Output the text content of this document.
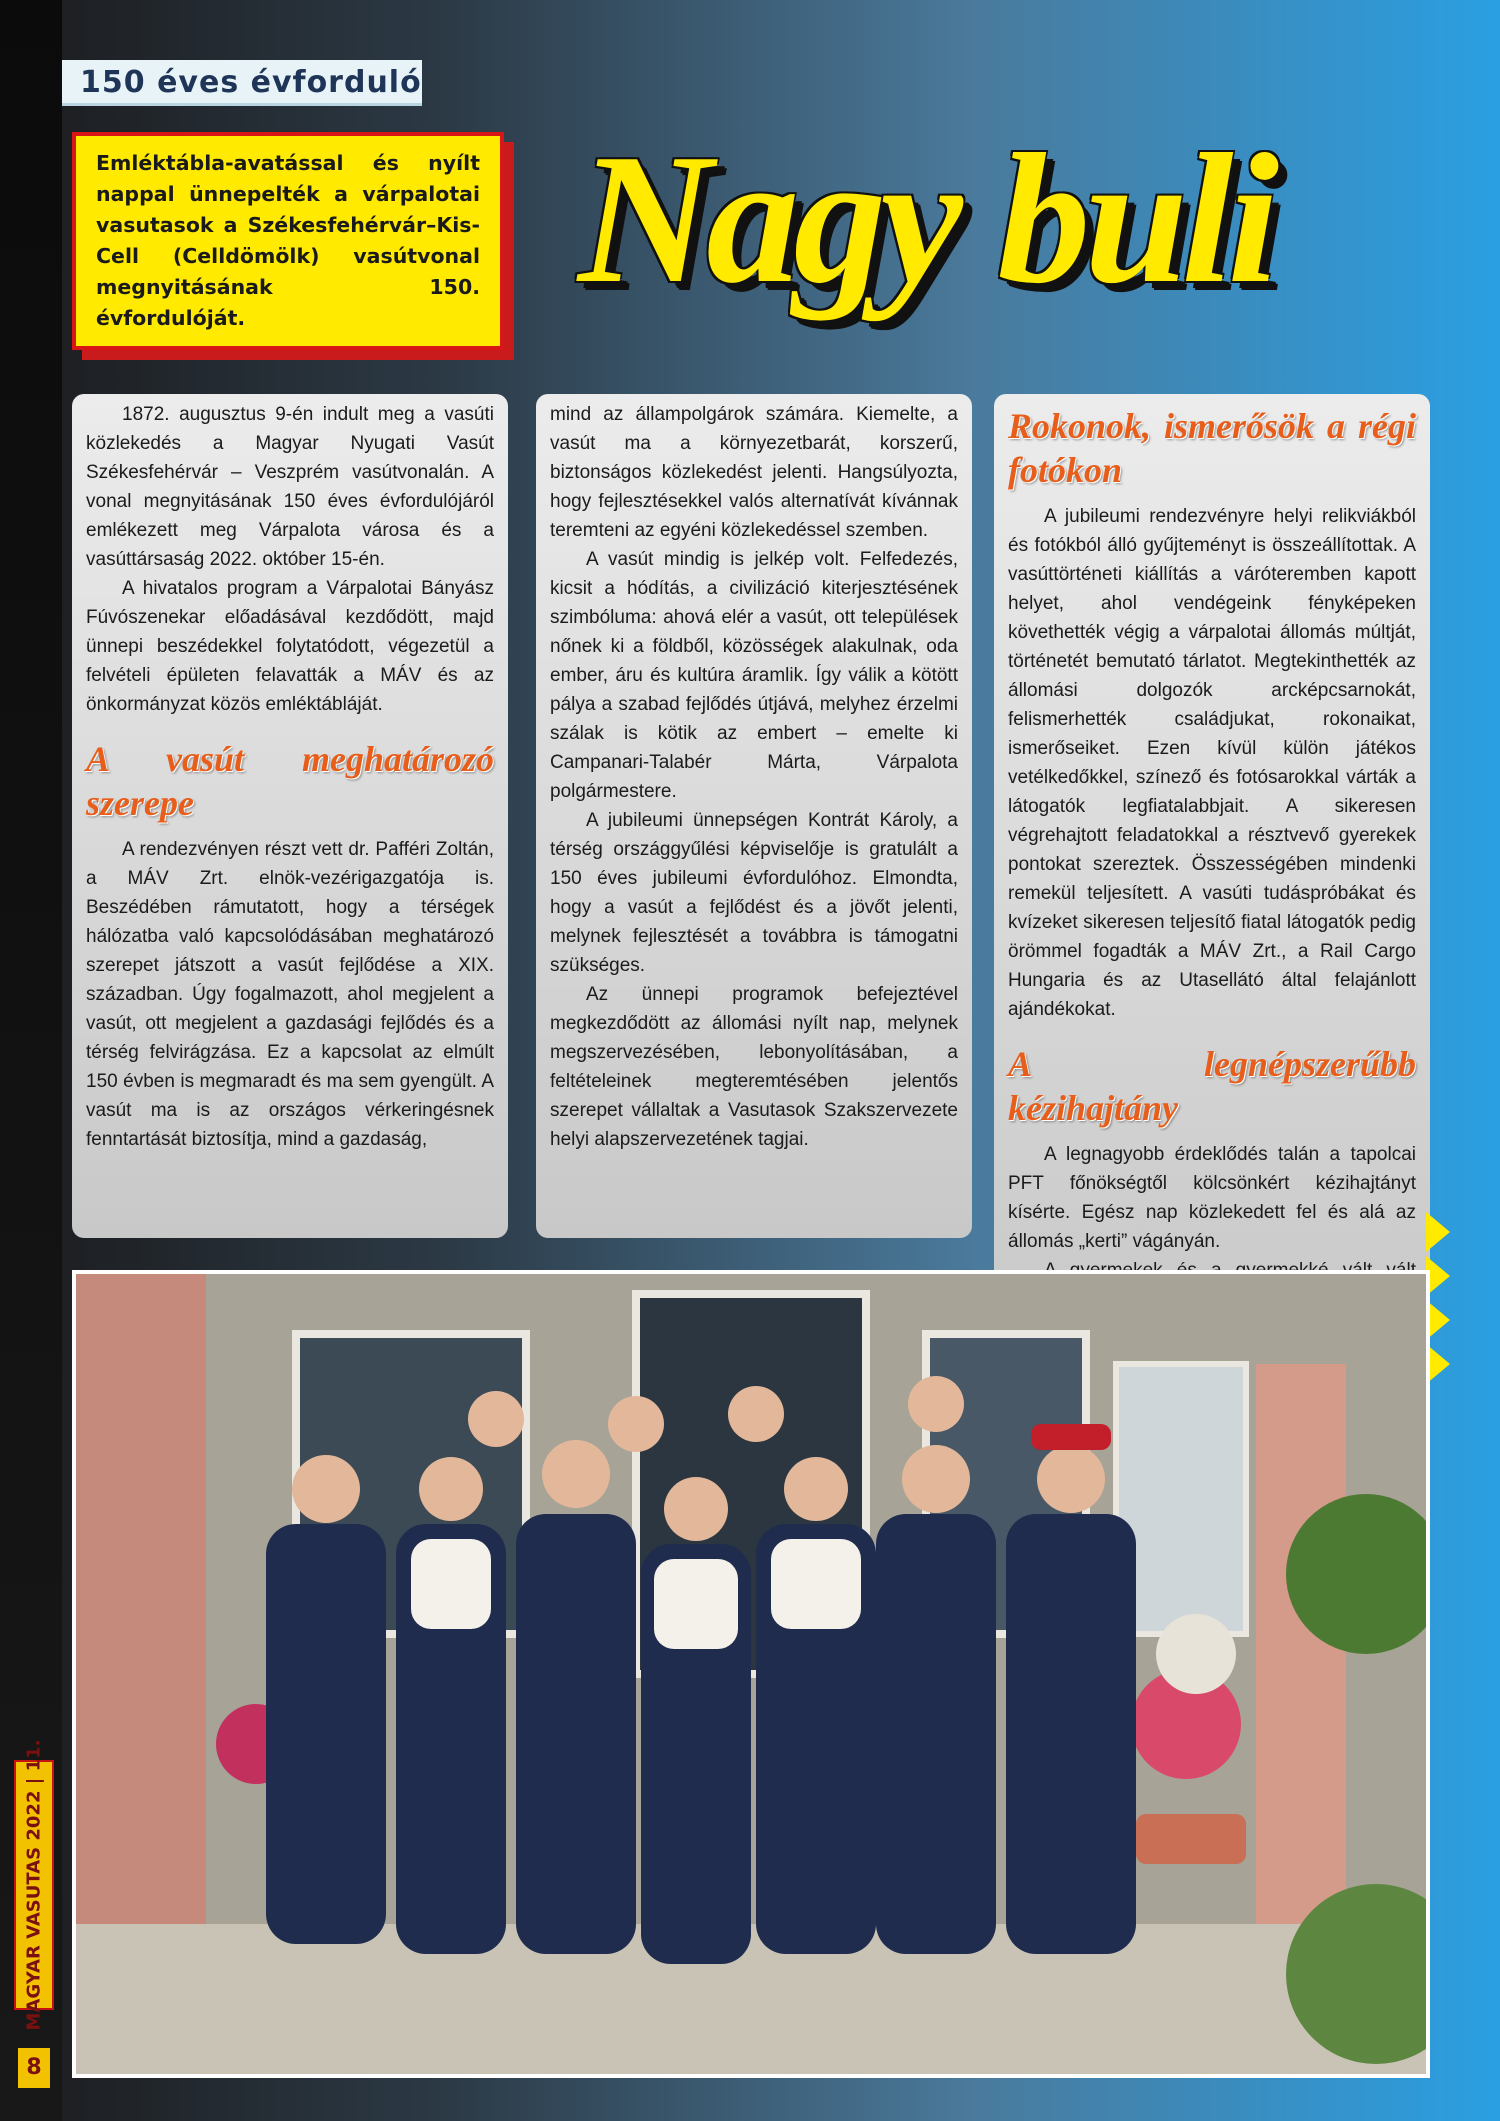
150 éves évforduló
Emléktábla-avatással és nyílt nappal ünnepelték a várpalotai vasutasok a Székesfehérvár–Kis-Cell (Celldömölk) vasútvonal megnyitásának 150. évfordulóját.	Nagy buli

1872. augusztus 9-én indult meg a vasúti közlekedés a Magyar Nyugati Vasút Székesfehérvár – Veszprém vasútvonalán. A vonal megnyitásának 150 éves évfordulójáról emlékezett meg Várpalota városa és a vasúttársaság 2022. október 15-én.

A hivatalos program a Várpalotai Bányász Fúvószenekar előadásával kezdődött, majd ünnepi beszédekkel folytatódott, végezetül a felvételi épületen felavatták a MÁV és az önkormányzat közös emléktábláját.

A vasút meghatározó szerepe

A rendezvényen részt vett dr. Pafféri Zoltán, a MÁV Zrt. elnök-vezérigazgatója is. Beszédében rámutatott, hogy a térségek hálózatba való kapcsolódásában meghatározó szerepet játszott a vasút fejlődése a XIX. században. Úgy fogalmazott, ahol megjelent a vasút, ott megjelent a gazdasági fejlődés és a térség felvirágzása. Ez a kapcsolat az elmúlt 150 évben is megmaradt és ma sem gyengült. A vasút ma is az országos vérkeringésnek fenntartását biztosítja, mind a gazdaság,

mind az állampolgárok számára. Kiemelte, a vasút ma a környezetbarát, korszerű, biztonságos közlekedést jelenti. Hangsúlyozta, hogy fejlesztésekkel valós alternatívát kívánnak teremteni az egyéni közlekedéssel szemben.

A vasút mindig is jelkép volt. Felfedezés, kicsit a hódítás, a civilizáció kiterjesztésének szimbóluma: ahová elér a vasút, ott települések nőnek ki a földből, közösségek alakulnak, oda ember, áru és kultúra áramlik. Így válik a kötött pálya a szabad fejlődés útjává, melyhez érzelmi szálak is kötik az embert – emelte ki Campanari-Talabér Márta, Várpalota polgármestere.

A jubileumi ünnepségen Kontrát Károly, a térség országgyűlési képviselője is gratulált a 150 éves jubileumi évfordulóhoz. Elmondta, hogy a vasút a fejlődést és a jövőt jelenti, melynek fejlesztését a továbbra is támogatni szükséges.

Az ünnepi programok befejeztével megkezdődött az állomási nyílt nap, melynek megszervezésében, lebonyolításában, a feltételeinek megteremtésében jelentős szerepet vállaltak a Vasutasok Szakszervezete helyi alapszervezetének tagjai.

Rokonok, ismerősök a régi fotókon

A jubileumi rendezvényre helyi relikviákból és fotókból álló gyűjteményt is összeállítottak. A vasúttörténeti kiállítás a váróteremben kapott helyet, ahol vendégeink fényképeken követhették végig a várpalotai állomás múltját, történetét bemutató tárlatot. Megtekinthették az állomási dolgozók arcképcsarnokát, felismerhették családjukat, rokonaikat, ismerőseiket. Ezen kívül külön játékos vetélkedőkkel, színező és fotósarokkal várták a látogatók legfiatalabbjait. A sikeresen végrehajtott feladatokkal a résztvevő gyerekek pontokat szereztek. Összességében mindenki remekül teljesített. A vasúti tudáspróbákat és kvízeket sikeresen teljesítő fiatal látogatók pedig örömmel fogadták a MÁV Zrt., a Rail Cargo Hungaria és az Utasellátó által felajánlott ajándékokat.

A legnépszerűbb kézihajtány

A legnagyobb érdeklődés talán a tapolcai PFT főnökségtől kölcsönkért kézihajtányt kísérte. Egész nap közlekedett fel és alá az állomás „kerti” vágányán.

MAGYAR VASUTAS 2022 | 11.
8
